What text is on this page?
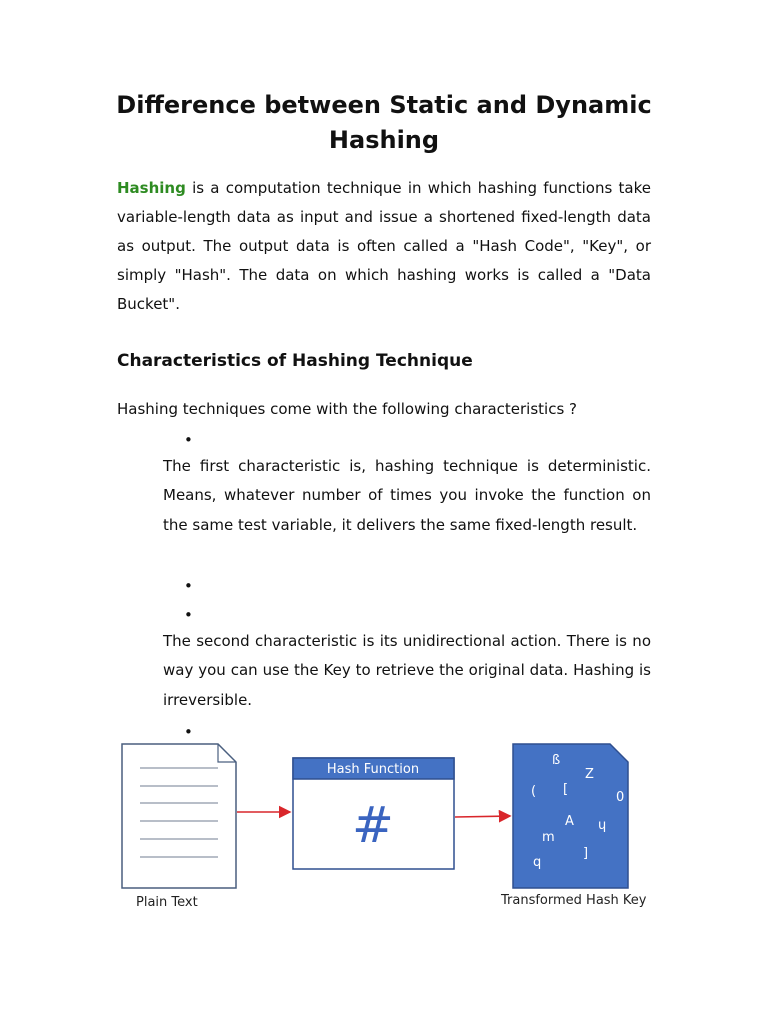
Difference between Static and Dynamic Hashing

Hashing is a computation technique in which hashing functions take variable-length data as input and issue a shortened fixed-length data as output. The output data is often called a "Hash Code", "Key", or simply "Hash". The data on which hashing works is called a "Data Bucket".

Characteristics of Hashing Technique

Hashing techniques come with the following characteristics ?

•

The first characteristic is, hashing technique is deterministic. Means, whatever number of times you invoke the function on the same test variable, it delivers the same fixed-length result.

•
•

The second characteristic is its unidirectional action. There is no way you can use the Key to retrieve the original data. Hashing is irreversible.

•
Plain Text
Hash Function
#
ß
Z
( [
0
A ɥ
m
]
q
Transformed Hash Key
